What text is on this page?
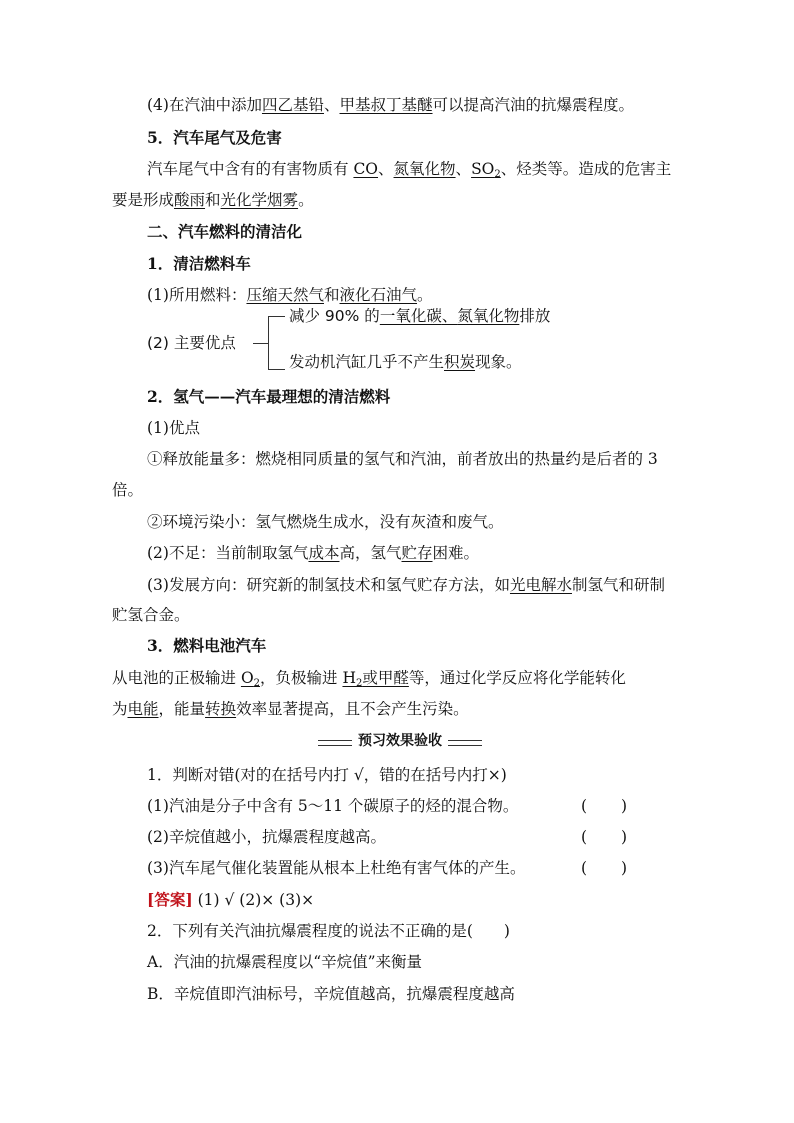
(4)在汽油中添加四乙基铅、甲基叔丁基醚可以提高汽油的抗爆震程度。
5．汽车尾气及危害
汽车尾气中含有的有害物质有 CO、氮氧化物、$SO_2$、烃类等。造成的危害主
要是形成酸雨和光化学烟雾。
二、汽车燃料的清洁化
1．清洁燃料车
(1)所用燃料：压缩天然气和液化石油气。
(2) 主要优点
减少 90% 的一氧化碳、氮氧化物排放
发动机汽缸几乎不产生积炭现象。
2．氢气——汽车最理想的清洁燃料
(1)优点
①释放能量多：燃烧相同质量的氢气和汽油，前者放出的热量约是后者的 3
倍。
②环境污染小：氢气燃烧生成水，没有灰渣和废气。
(2)不足：当前制取氢气成本高，氢气贮存困难。
(3)发展方向：研究新的制氢技术和氢气贮存方法，如光电解水制氢气和研制
贮氢合金。
3．燃料电池汽车
从电池的正极输进 $O_2$，负极输进 $H_2$或甲醛等，通过化学反应将化学能转化
为电能，能量转换效率显著提高，且不会产生污染。
预习效果验收
1．判断对错(对的在括号内打 √，错的在括号内打×)
(1)汽油是分子中含有 5～11 个碳原子的烃的混合物。	( )
(2)辛烷值越小，抗爆震程度越高。	( )
(3)汽车尾气催化装置能从根本上杜绝有害气体的产生。	( )
[答案] (1) √ (2)× (3)×
2．下列有关汽油抗爆震程度的说法不正确的是(　　)
A．汽油的抗爆震程度以“辛烷值”来衡量
B．辛烷值即汽油标号，辛烷值越高，抗爆震程度越高
